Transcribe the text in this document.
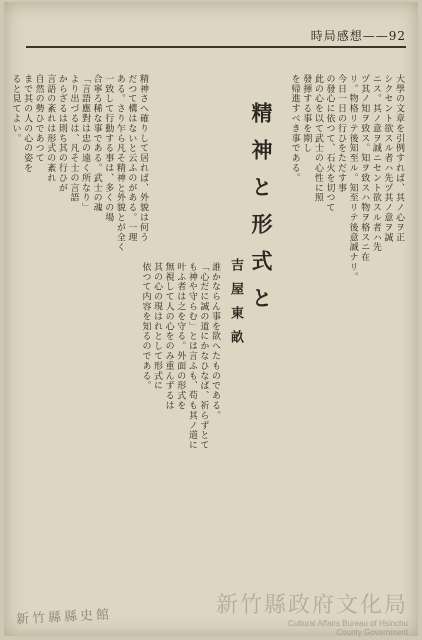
時局感想——92

大學の文章を引例すれば、其ノ心ヲ正

シクセント欲スル者ハ先ヅ其ノ意ヲ誠

ニス。其ノ意ヲ誠ニセント欲スル者ハ先

ヅ其ノ知ヲ致ス。知ヲ致スハ物ヲ格スニ在

リ。物格リテ後知至ル。知至リテ後意誠ナリ。

今日一日の行ひをただす事

の發心に依つて、石火を切つて

此の心を以て武士の心性に照

發揮する事を期し

を帰進すべき事である。

精神と形式と
吉屋東畝

誰かならん事を欲へたものである。

「心だに誠の道にかなひなば、祈らずとて

も神や守らむ」とは言ふも、苟も其ノ道に

叶ふ者は之を守る。外面の形式を

無視して人の心をのみ重んずるは

其の心の現はれとして形式に

依つて内容を知るのである。

精神さへ確りして居れば、外貌は何う

だつて構はないと云ふのがある。一理

ある。さり乍ら凡そ精神と外貌とが全く

一致して行動する事は、多くの場

合寧ろ稀な事である。武士の魂

「言語應對は忠の遠く所なり」

より出づるは、凡そ士の言語

からざるは則ち其の行ひが

言語の紊れは形式の紊れ

自然の勢ひであつて

まで其の人の心の姿を

ると見てよい。

新竹縣政府文化局
Cultural Affairs Bureau of Hsinchu
County Government
新竹縣縣史館
